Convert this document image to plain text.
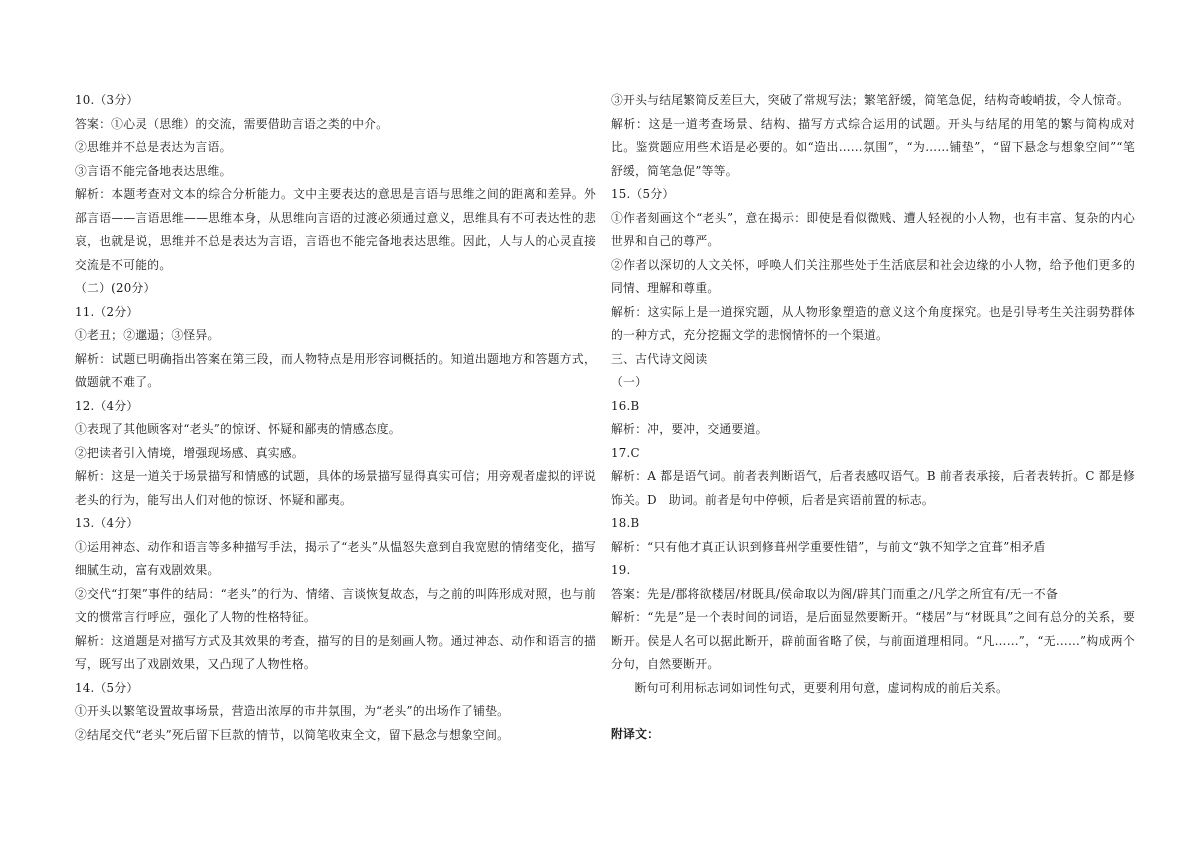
10.（3分）

答案：①心灵（思维）的交流，需要借助言语之类的中介。

②思维并不总是表达为言语。

③言语不能完备地表达思维。

解析：本题考查对文本的综合分析能力。文中主要表达的意思是言语与思维之间的距离和差异。外部言语——言语思维——思维本身，从思维向言语的过渡必须通过意义，思维具有不可表达性的悲哀，也就是说，思维并不总是表达为言语，言语也不能完备地表达思维。因此，人与人的心灵直接交流是不可能的。

（二）(20分）

11.（2分）

①老丑；②邋遢；③怪异。

解析：试题已明确指出答案在第三段，而人物特点是用形容词概括的。知道出题地方和答题方式，做题就不难了。

12.（4分）

①表现了其他顾客对“老头”的惊讶、怀疑和鄙夷的情感态度。

②把读者引入情境，增强现场感、真实感。

解析：这是一道关于场景描写和情感的试题，具体的场景描写显得真实可信；用旁观者虚拟的评说老头的行为，能写出人们对他的惊讶、怀疑和鄙夷。

13.（4分）

①运用神态、动作和语言等多种描写手法，揭示了“老头”从愠怒失意到自我宽慰的情绪变化，描写细腻生动，富有戏剧效果。

②交代“打架”事件的结局：“老头”的行为、情绪、言谈恢复故态，与之前的叫阵形成对照，也与前文的惯常言行呼应，强化了人物的性格特征。

解析：这道题是对描写方式及其效果的考查，描写的目的是刻画人物。通过神态、动作和语言的描写，既写出了戏剧效果，又凸现了人物性格。

14.（5分）

①开头以繁笔设置故事场景，营造出浓厚的市井氛围，为“老头”的出场作了铺垫。

②结尾交代“老头”死后留下巨款的情节，以简笔收束全文，留下悬念与想象空间。

③开头与结尾繁简反差巨大，突破了常规写法；繁笔舒缓，简笔急促，结构奇峻峭拔，令人惊奇。

解析：这是一道考查场景、结构、描写方式综合运用的试题。开头与结尾的用笔的繁与简构成对比。鉴赏题应用些术语是必要的。如“造出……氛围”，“为……铺垫”，“留下悬念与想象空间”“笔舒缓，简笔急促”等等。

15.（5分）

①作者刻画这个“老头”，意在揭示：即使是看似微贱、遭人轻视的小人物，也有丰富、复杂的内心世界和自己的尊严。

②作者以深切的人文关怀，呼唤人们关注那些处于生活底层和社会边缘的小人物，给予他们更多的同情、理解和尊重。

解析：这实际上是一道探究题，从人物形象塑造的意义这个角度探究。也是引导考生关注弱势群体的一种方式，充分挖掘文学的悲悯情怀的一个渠道。

三、古代诗文阅读

（一）

16.B

解析：冲，要冲，交通要道。

17.C

解析：A 都是语气词。前者表判断语气，后者表感叹语气。B 前者表承接，后者表转折。C 都是修饰关。D　助词。前者是句中停顿，后者是宾语前置的标志。

18.B

解析：“只有他才真正认识到修葺州学重要性错”，与前文“孰不知学之宜葺”相矛盾

19.

答案：先是/郡将欲楼居/材既具/侯命取以为阁/辟其门而重之/凡学之所宜有/无一不备

解析：“先是”是一个表时间的词语，是后面显然要断开。“楼居”与“材既具”之间有总分的关系，要断开。侯是人名可以据此断开，辟前面省略了侯，与前面道理相同。“凡……”，“无……”构成两个分句，自然要断开。

断句可利用标志词如词性句式，更要利用句意，虚词构成的前后关系。

附译文：
